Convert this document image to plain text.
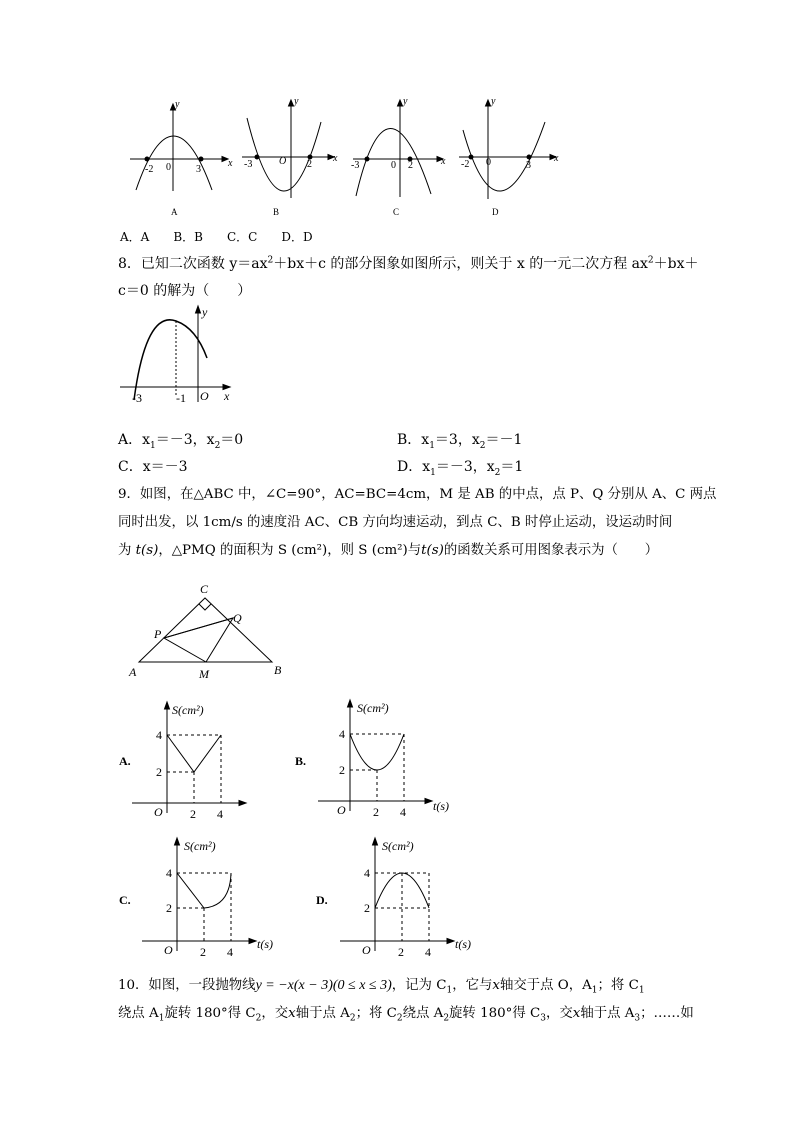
-2 0	3
x
y
A
-3	O 2
x
y
B
-3	0 2	x
y
C
-2 0	3
x
y
D
A．A　　B．B　　C．C　　D．D
8．已知二次函数 $y=ax^2+bx+c$ 的部分图象如图所示，则关于 x 的一元二次方程 $ax^2+bx+$
c＝0 的解为（　　）
-3	-1 O x
y
A．$x_1=-3$，$x_2=0$	B．$x_1=3$，$x_2=-1$
C．x＝－3	D．$x_1=-3$，$x_2=1$
9．如图，在△ABC 中，∠C=90°，AC=BC=4cm，M 是 AB 的中点，点 P、Q 分别从 A、C 两点
同时出发，以 1cm/s 的速度沿 AC、CB 方向均速运动，到点 C、B 时停止运动，设运动时间
为 t(s)，△PMQ 的面积为 S (cm²)，则 S (cm²)与t(s)的函数关系可用图象表示为（　　）
C
Q
P
A	M	B
A.	B.
C.	D.
S(cm²)
4
2
O 2 4
S(cm²)
4
2
O 2 4 t(s)
S(cm²)
4
2
O 2 4
t(s)
S(cm²)
4
2
O 2 4
t(s)
10．如图，一段抛物线y = −x(x − 3)(0 ≤ x ≤ 3)，记为 $C_1$，它与x轴交于点 O，$A_1$；将 $C_1$
绕点 $A_1$旋转 180°得 $C_2$，交x轴于点 $A_2$；将 $C_2$绕点 $A_2$旋转 180°得 $C_3$，交x轴于点 $A_3$；……如
